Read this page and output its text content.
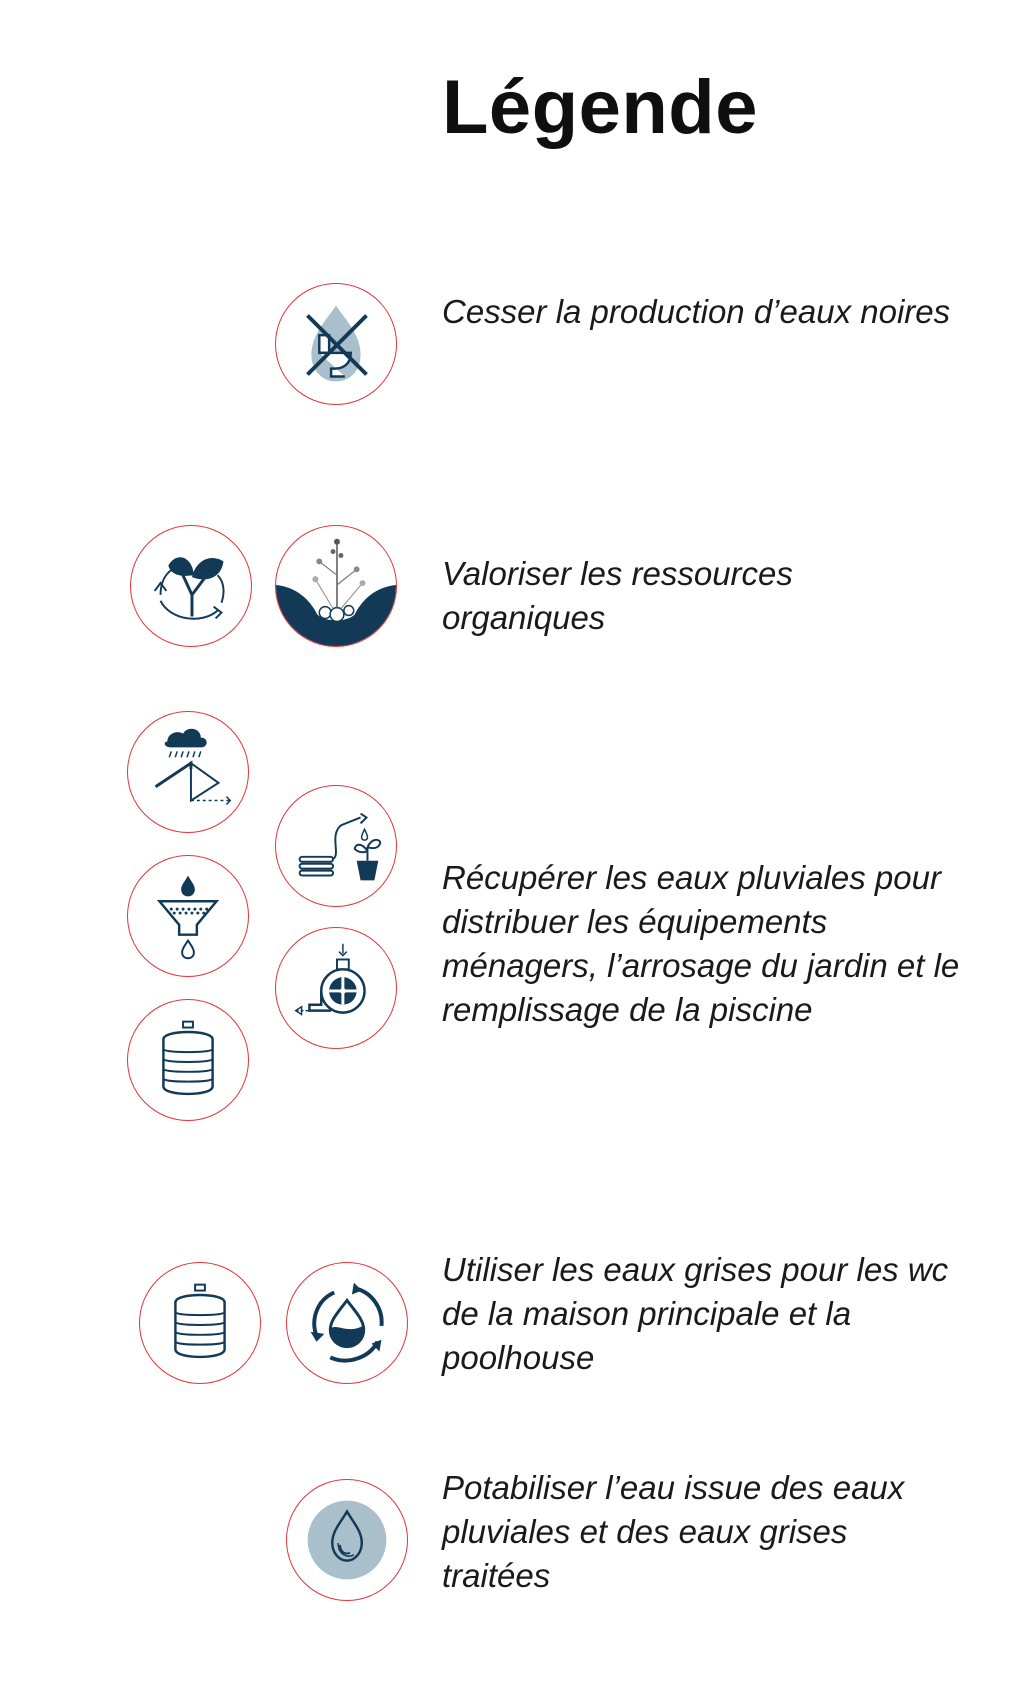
Légende

Cesser la production d’eaux noires

Valoriser les ressources organiques

Récupérer les eaux pluviales pour distribuer les équipements ménagers, l’arrosage du jardin et le remplissage de la piscine

Utiliser les eaux grises pour les wc de la maison principale et la poolhouse

Potabiliser l’eau issue des eaux pluviales et des eaux grises traitées
